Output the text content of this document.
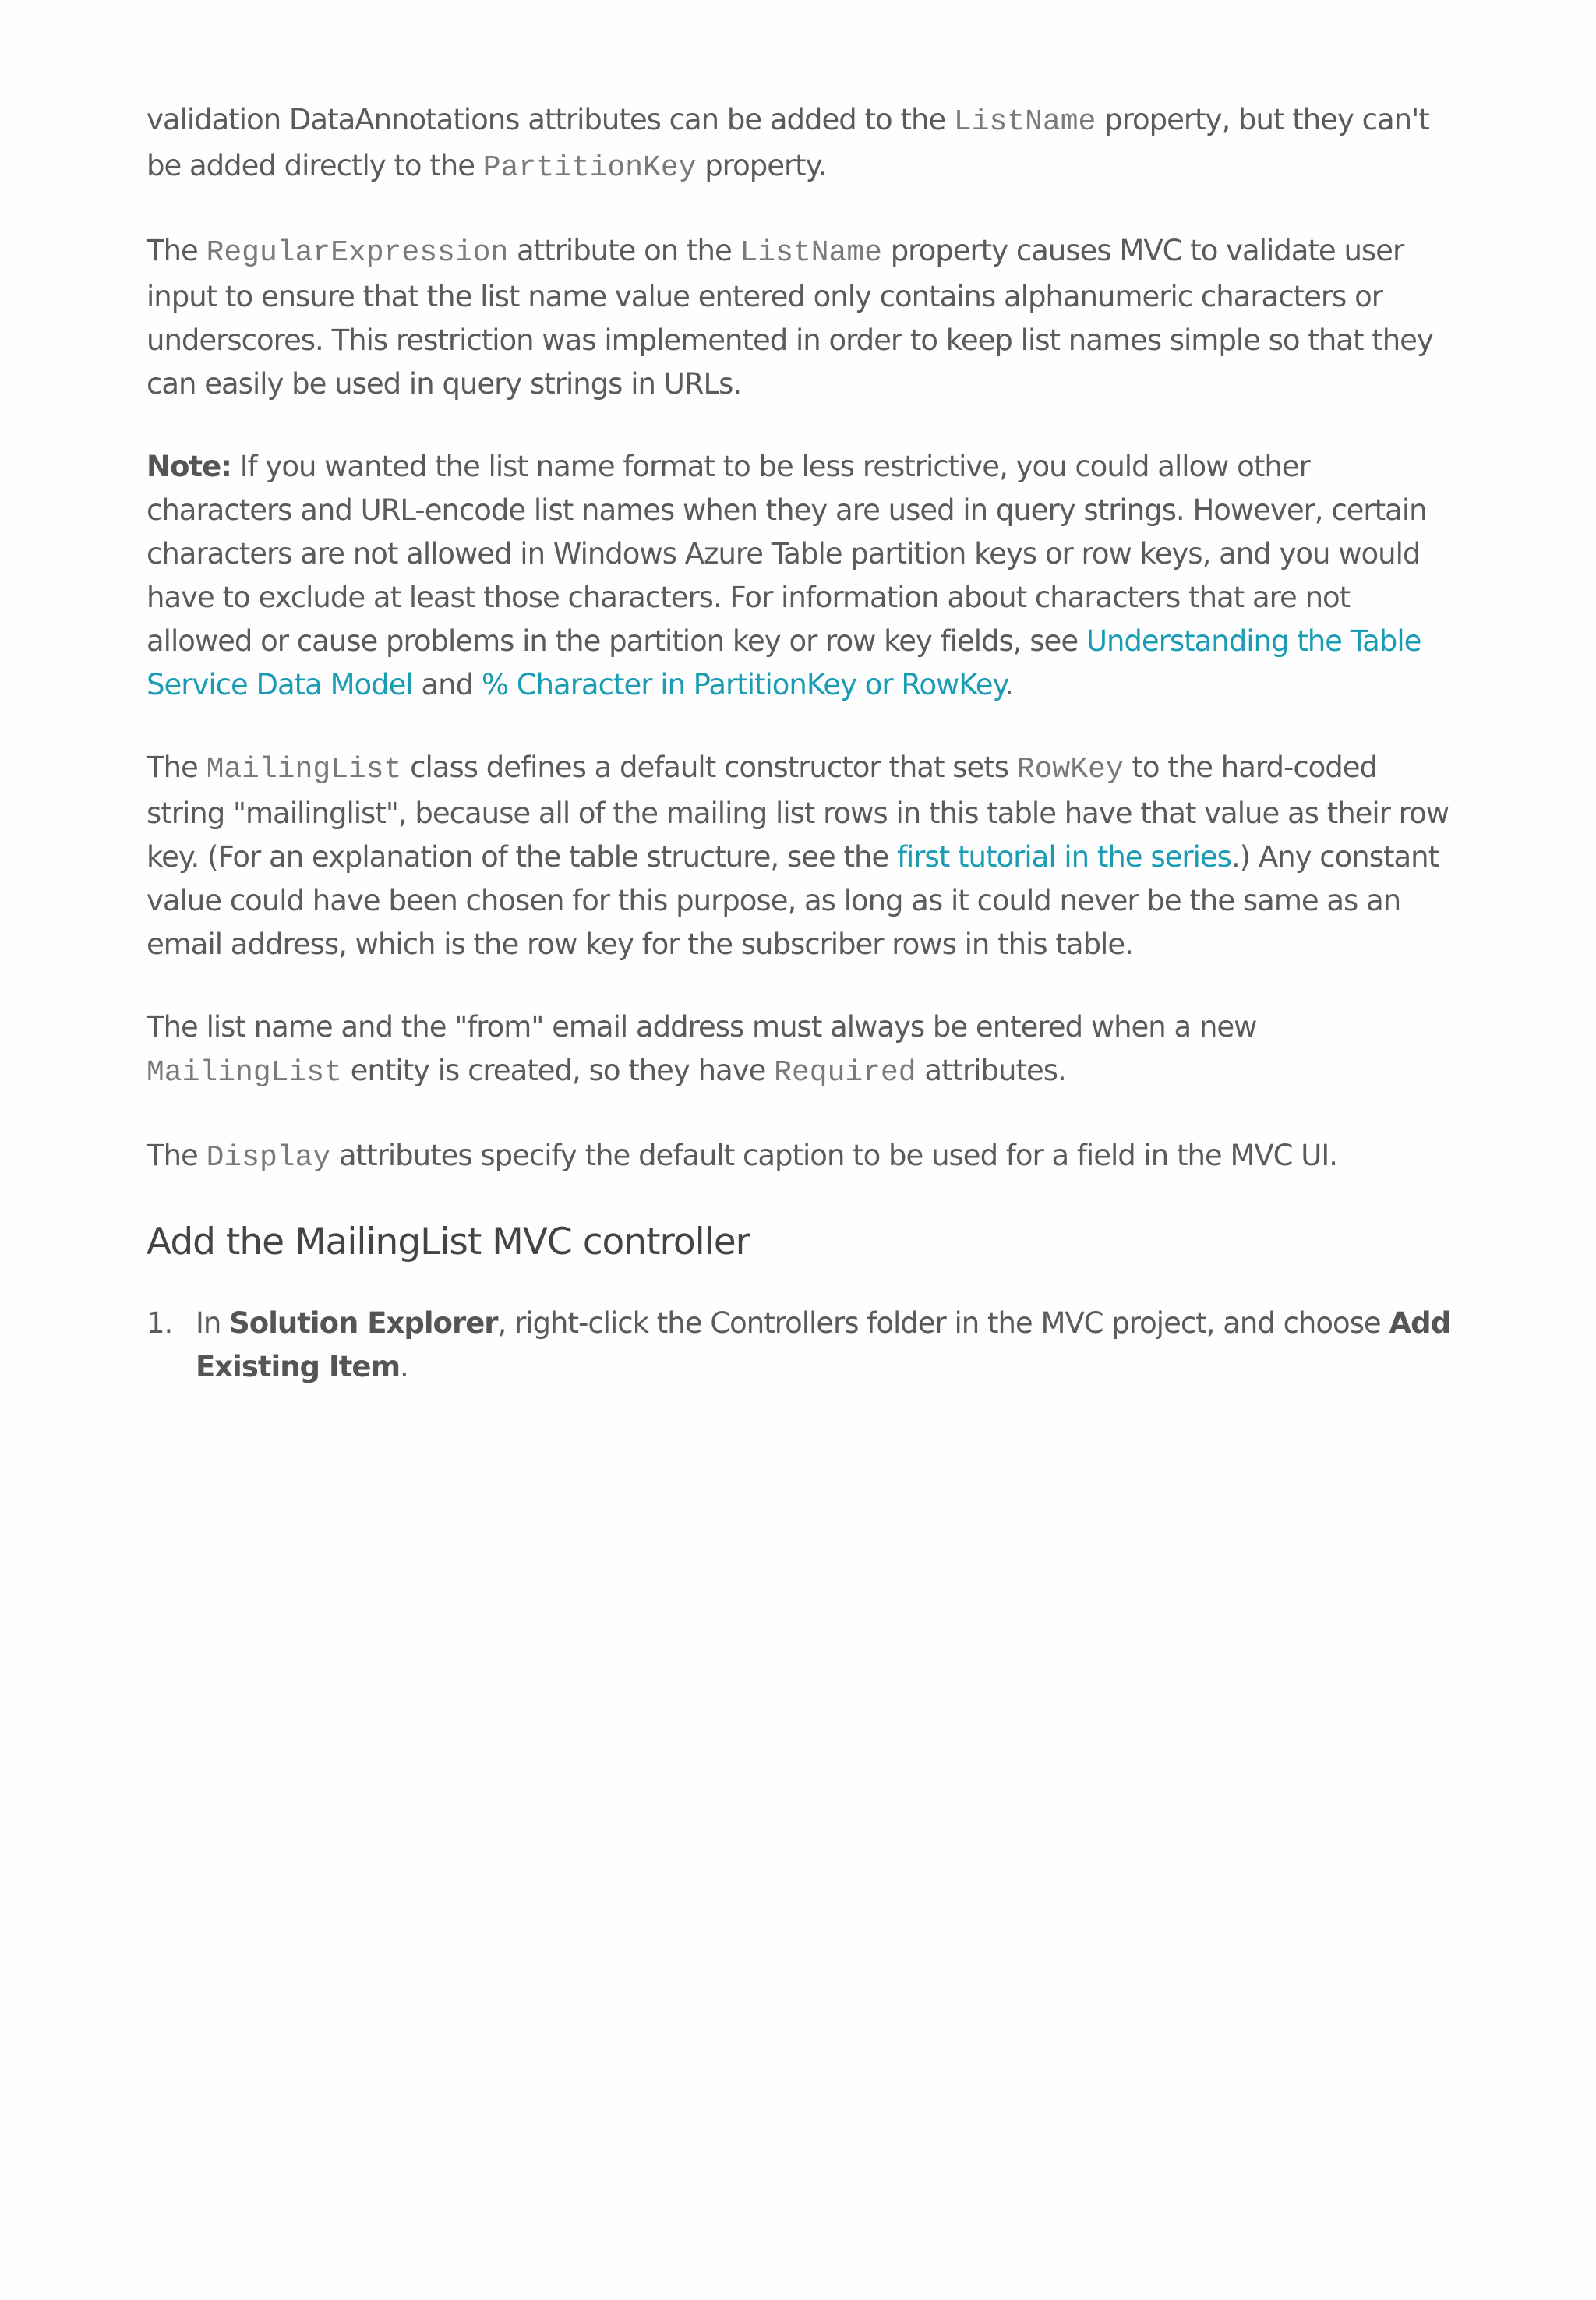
validation DataAnnotations attributes can be added to the ListName property, but they can't be added directly to the PartitionKey property.

The RegularExpression attribute on the ListName property causes MVC to validate user input to ensure that the list name value entered only contains alphanumeric characters or underscores. This restriction was implemented in order to keep list names simple so that they can easily be used in query strings in URLs.

Note: If you wanted the list name format to be less restrictive, you could allow other characters and URL-encode list names when they are used in query strings. However, certain characters are not allowed in Windows Azure Table partition keys or row keys, and you would have to exclude at least those characters. For information about characters that are not allowed or cause problems in the partition key or row key fields, see Understanding the Table Service Data Model and % Character in PartitionKey or RowKey.

The MailingList class defines a default constructor that sets RowKey to the hard-coded string "mailinglist", because all of the mailing list rows in this table have that value as their row key. (For an explanation of the table structure, see the first tutorial in the series.) Any constant value could have been chosen for this purpose, as long as it could never be the same as an email address, which is the row key for the subscriber rows in this table.

The list name and the "from" email address must always be entered when a new MailingList entity is created, so they have Required attributes.

The Display attributes specify the default caption to be used for a field in the MVC UI.

Add the MailingList MVC controller
1. In Solution Explorer, right-click the Controllers folder in the MVC project, and choose Add Existing Item.
